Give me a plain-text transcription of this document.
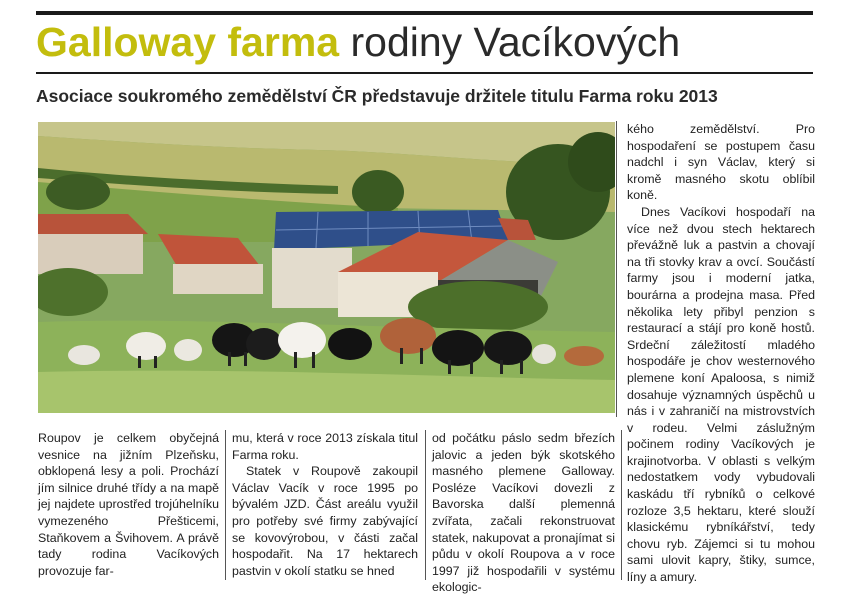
Galloway farma rodiny Vacíkových
Asociace soukromého zemědělství ČR představuje držitele titulu Farma roku 2013

Roupov je celkem obyčejná vesnice na jižním Plzeňsku, obklopená lesy a poli. Prochází jím silnice druhé třídy a na mapě jej najdete uprostřed trojúhelníku vymezeného Přešticemi, Staňkovem a Švihovem. A právě tady rodina Vacíkových provozuje far-

mu, která v roce 2013 získala titul Farma roku.

Statek v Roupově zakoupil Václav Vacík v roce 1995 po bývalém JZD. Část areálu využil pro potřeby své firmy zabývající se kovovýrobou, v části začal hospodařit. Na 17 hektarech pastvin v okolí statku se hned

od počátku páslo sedm březích jalovic a jeden býk skotského masného plemene Galloway. Posléze Vacíkovi dovezli z Bavorska další plemenná zvířata, začali rekonstruovat statek, nakupovat a pronajímat si půdu v okolí Roupova a v roce 1997 již hospodařili v systému ekologic-

kého zemědělství. Pro hospodaření se postupem času nadchl i syn Václav, který si kromě masného skotu oblíbil koně.

Dnes Vacíkovi hospodaří na více než dvou stech hektarech převážně luk a pastvin a chovají na tři stovky krav a ovcí. Součástí farmy jsou i moderní jatka, bourárna a prodejna masa. Před několika lety přibyl penzion s restaurací a stájí pro koně hostů. Srdeční záležitostí mladého hospodáře je chov westernového plemene koní Apaloosa, s nimiž dosahuje významných úspěchů u nás i v zahraničí na mistrovstvích v rodeu. Velmi záslužným počinem rodiny Vacíkových je krajinotvorba. V oblasti s velkým nedostatkem vody vybudovali kaskádu tří rybníků o celkové rozloze 3,5 hektaru, které slouží klasickému rybníkářství, tedy chovu ryb. Zájemci si tu mohou sami ulovit kapry, štiky, sumce, líny a amury.
